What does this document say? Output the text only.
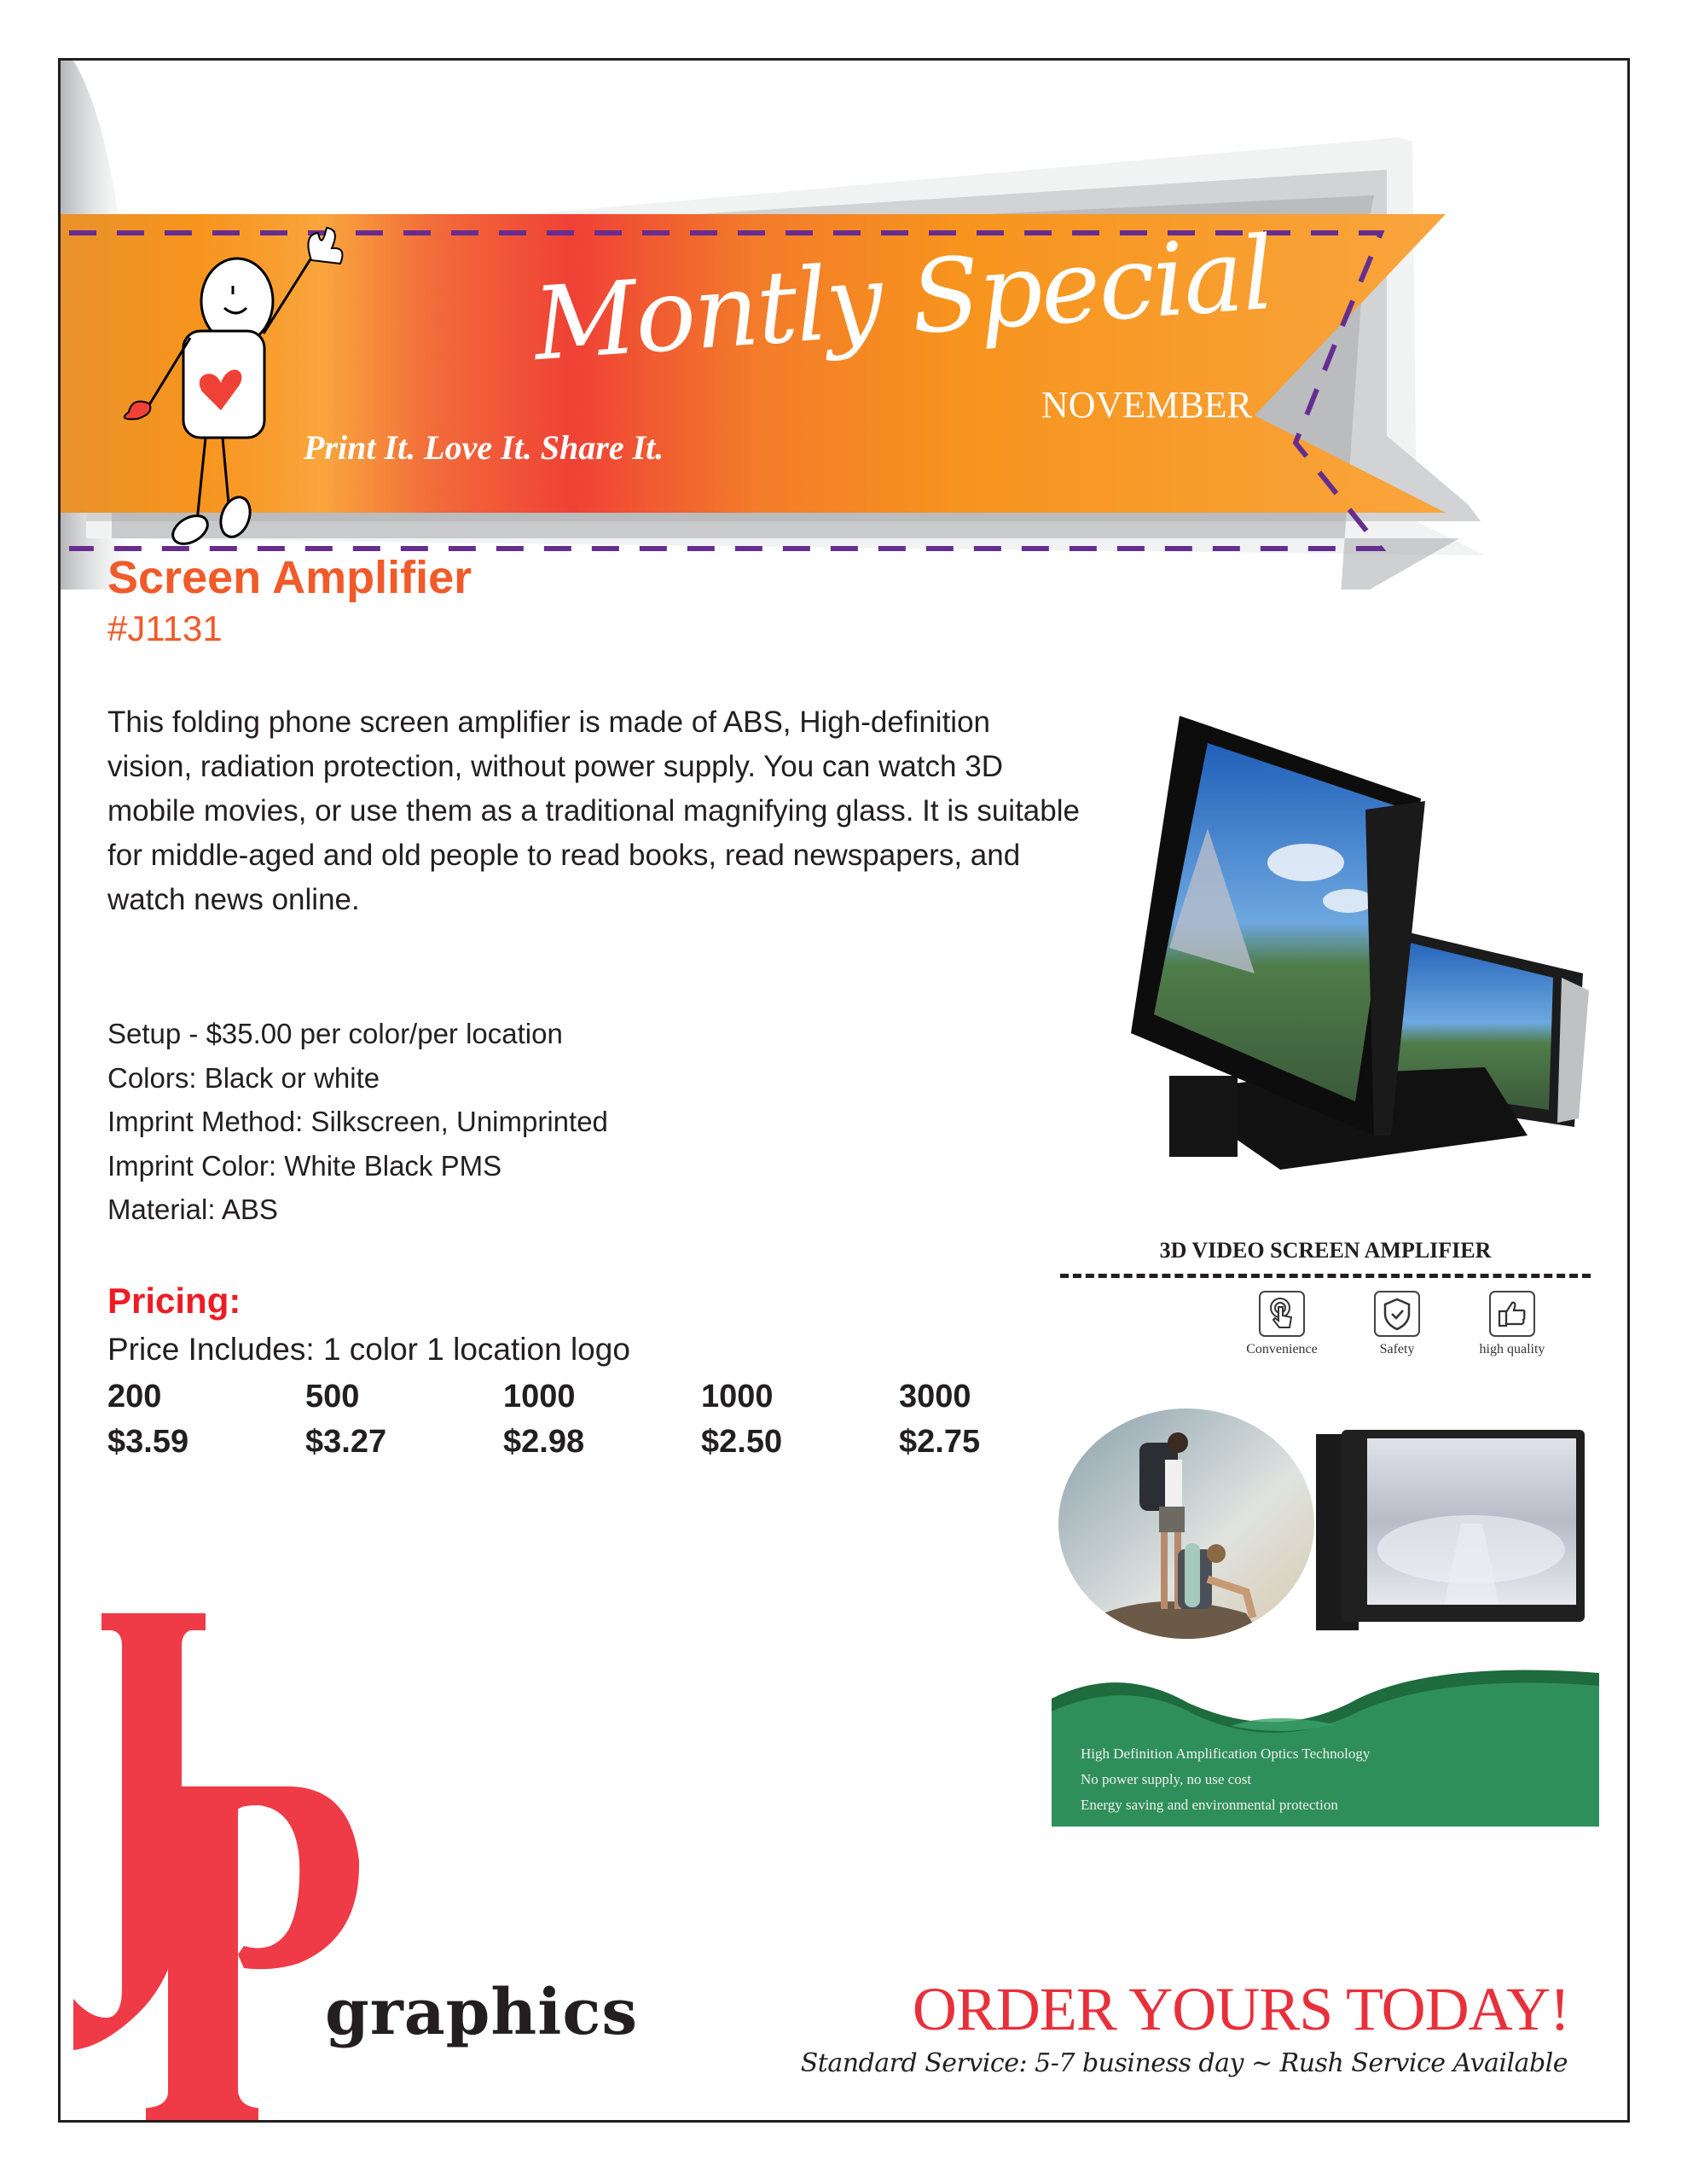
Montly Special
NOVEMBER
Print It. Love It. Share It.
Screen Amplifier
#J1131
This folding phone screen amplifier is made of ABS, High-definition vision, radiation protection, without power supply. You can watch 3D mobile movies, or use them as a traditional magnifying glass. It is suitable for middle-aged and old people to read books, read newspapers, and watch news online.
Setup - $35.00 per color/per location
Colors: Black or white
Imprint Method: Silkscreen, Unimprinted
Imprint Color: White Black PMS
Material: ABS
Pricing:
Price Includes: 1 color 1 location logo
200	500	1000	1000	3000
$3.59	$3.27	$2.98	$2.50	$2.75
3D VIDEO SCREEN AMPLIFIER
Convenience	Safety	high quality
High Definition Amplification Optics Technology
No power supply, no use cost
Energy saving and environmental protection
graphics	ORDER YOURS TODAY!
Standard Service: 5-7 business day ~ Rush Service Available
